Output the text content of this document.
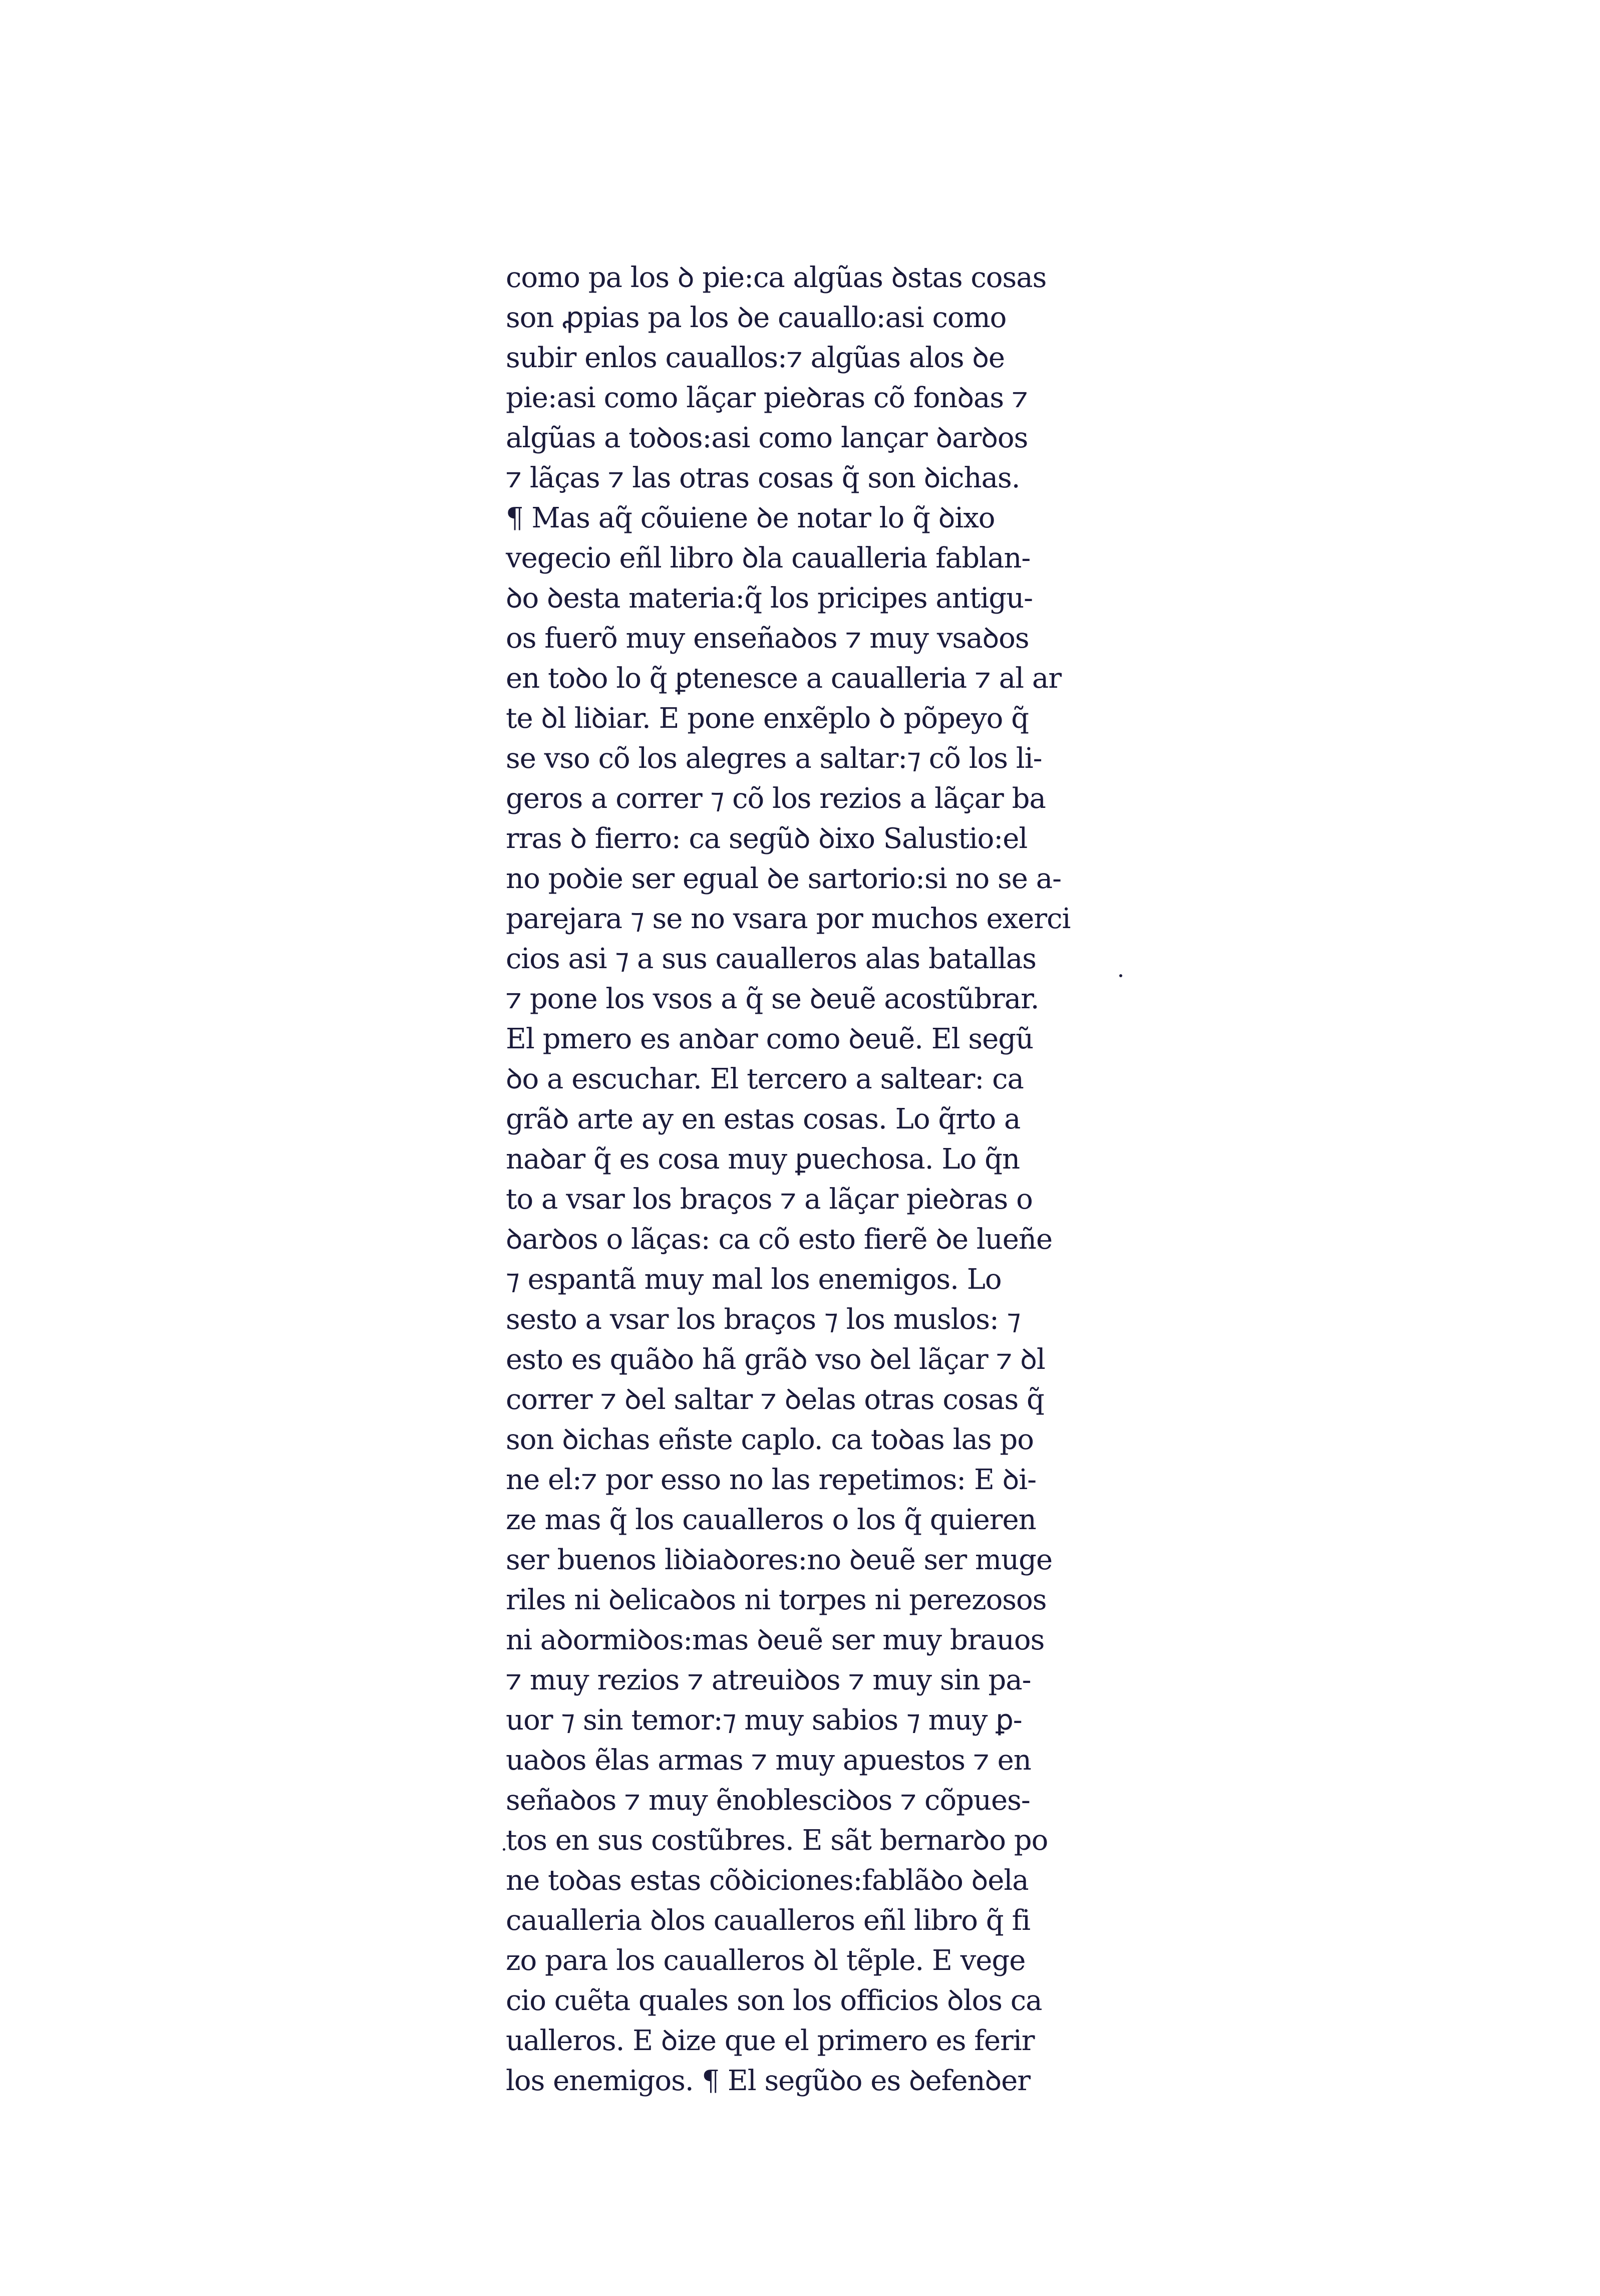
como pa los ꝺ pie:ca algũas ꝺstas cosas
son ꝓpias pa los ꝺe cauallo:asi como
subir enlos cauallos:⁊ algũas alos ꝺe
pie:asi como lãçar pieꝺras cõ fonꝺas ⁊
algũas a toꝺos:asi como lançar ꝺarꝺos
⁊ lãças ⁊ las otras cosas q̃ son ꝺichas.
¶ Mas aq̃ cõuiene ꝺe notar lo q̃ ꝺixo
vegecio eñl libro ꝺla caualleria fablan-
ꝺo ꝺesta materia:q̃ los pricipes antigu-
os fuerõ muy enseñaꝺos ⁊ muy vsaꝺos
en toꝺo lo q̃ ꝑtenesce a caualleria ⁊ al ar
te ꝺl liꝺiar. E pone enxẽplo ꝺ põpeyo q̃
se vso cõ los alegres a saltar:⁊ cõ los li-
geros a correr ⁊ cõ los rezios a lãçar ba
rras ꝺ fierro: ca segũꝺ ꝺixo Salustio:el
no poꝺie ser egual ꝺe sartorio:si no se a-
parejara ⁊ se no vsara por muchos exerci
cios asi ⁊ a sus caualleros alas batallas
⁊ pone los vsos a q̃ se ꝺeuẽ acostũbrar.
El pmero es anꝺar como ꝺeuẽ. El segũ
ꝺo a escuchar. El tercero a saltear: ca
grãꝺ arte ay en estas cosas. Lo q̃rto a
naꝺar q̃ es cosa muy ꝑuechosa. Lo q̃n
to a vsar los braços ⁊ a lãçar pieꝺras o
ꝺarꝺos o lãças: ca cõ esto fierẽ ꝺe lueñe
⁊ espantã muy mal los enemigos. Lo
sesto a vsar los braços ⁊ los muslos: ⁊
esto es quãꝺo hã grãꝺ vso ꝺel lãçar ⁊ ꝺl
correr ⁊ ꝺel saltar ⁊ ꝺelas otras cosas q̃
son ꝺichas eñste caplo. ca toꝺas las po
ne el:⁊ por esso no las repetimos: E ꝺi-
ze mas q̃ los caualleros o los q̃ quieren
ser buenos liꝺiaꝺores:no ꝺeuẽ ser muge
riles ni ꝺelicaꝺos ni torpes ni perezosos
ni aꝺormiꝺos:mas ꝺeuẽ ser muy brauos
⁊ muy rezios ⁊ atreuiꝺos ⁊ muy sin pa-
uor ⁊ sin temor:⁊ muy sabios ⁊ muy ꝑ-
uaꝺos ẽlas armas ⁊ muy apuestos ⁊ en
señaꝺos ⁊ muy ẽnoblesciꝺos ⁊ cõpues-
tos en sus costũbres. E sãt bernarꝺo po
ne toꝺas estas cõꝺiciones:fablãꝺo ꝺela
caualleria ꝺlos caualleros eñl libro q̃ fi
zo para los caualleros ꝺl tẽple. E vege
cio cuẽta quales son los officios ꝺlos ca
ualleros. E ꝺize que el primero es ferir
los enemigos. ¶ El segũꝺo es ꝺefenꝺer
